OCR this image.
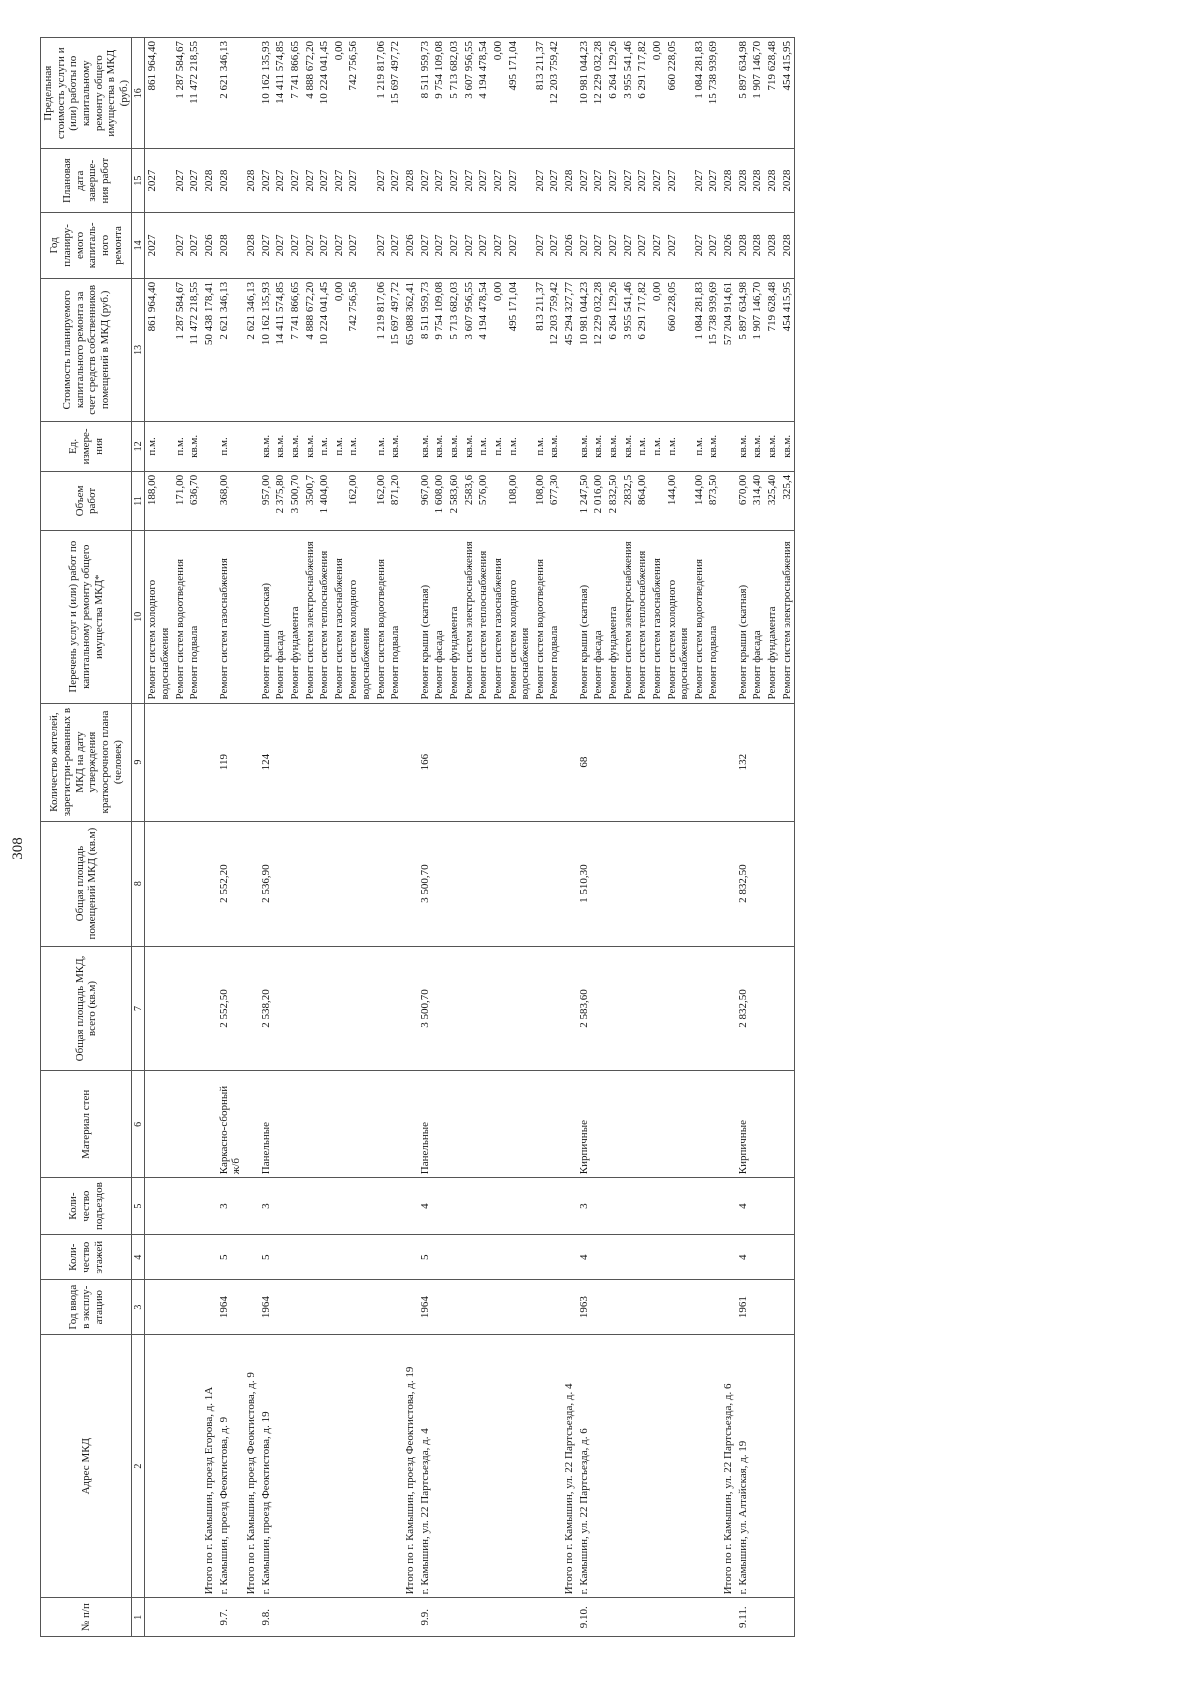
308
№ п/п	Адрес МКД	Год ввода в эксплу-атацию	Коли-чество этажей	Коли-чество подъездов	Материал стен	Общая площадь МКД, всего (кв.м)	Общая площадь помещений МКД (кв.м)	Количество жителей, зарегистри-рованных в МКД на дату утверждения краткосрочного плана (человек)	Перечень услуг и (или) работ по капитальному ремонту общего имущества МКД*	Объем работ	Ед. измере-ния	Стоимость планируемого капитального ремонта за счет средств собственников помещений в МКД (руб.)	Год планиру-емого капиталь-ного ремонта	Плановая дата заверше-ния работ	Предельная стоимость услуги и (или) работы по капитальному ремонту общего имущества в МКД (руб.)
1	2	3	4	5	6	7	8	9	10	11	12	13	14	15	16
									Ремонт систем холодного водоснабжения	188,00	п.м.	861 964,40	2027	2027	861 964,40
									Ремонт систем водоотведения	171,00	п.м.	1 287 584,67	2027	2027	1 287 584,67
									Ремонт подвала	636,70	кв.м.	11 472 218,55	2027	2027	11 472 218,55
	Итого по г. Камышин, проезд Егорова, д. 1А											50 438 178,41	2026	2028	
9.7.	г. Камышин, проезд Феоктистова, д. 9	1964	5	3	Каркасно-сборный ж/б	2 552,50	2 552,20	119	Ремонт систем газоснабжения	368,00	п.м.	2 621 346,13	2028	2028	2 621 346,13
	Итого по г. Камышин, проезд Феоктистова, д. 9											2 621 346,13	2028	2028	
9.8.	г. Камышин, проезд Феоктистова, д. 19	1964	5	3	Панельные	2 538,20	2 536,90	124	Ремонт крыши (плоская)	957,00	кв.м.	10 162 135,93	2027	2027	10 162 135,93
									Ремонт фасада	2 375,80	кв.м.	14 411 574,85	2027	2027	14 411 574,85
									Ремонт фундамента	3 500,70	кв.м.	7 741 866,65	2027	2027	7 741 866,65
									Ремонт систем электроснабжения	3500,7	кв.м.	4 888 672,20	2027	2027	4 888 672,20
									Ремонт систем теплоснабжения	1 404,00	п.м.	10 224 041,45	2027	2027	10 224 041,45
									Ремонт систем газоснабжения		п.м.	0,00	2027	2027	0,00
									Ремонт систем холодного водоснабжения	162,00	п.м.	742 756,56	2027	2027	742 756,56
									Ремонт систем водоотведения	162,00	п.м.	1 219 817,06	2027	2027	1 219 817,06
									Ремонт подвала	871,20	кв.м.	15 697 497,72	2027	2027	15 697 497,72
	Итого по г. Камышин, проезд Феоктистова, д. 19											65 088 362,41	2026	2028	
9.9.	г. Камышин, ул. 22 Партсъезда, д. 4	1964	5	4	Панельные	3 500,70	3 500,70	166	Ремонт крыши (скатная)	967,00	кв.м.	8 511 959,73	2027	2027	8 511 959,73
									Ремонт фасада	1 608,00	кв.м.	9 754 109,08	2027	2027	9 754 109,08
									Ремонт фундамента	2 583,60	кв.м.	5 713 682,03	2027	2027	5 713 682,03
									Ремонт систем электроснабжения	2583,6	кв.м.	3 607 956,55	2027	2027	3 607 956,55
									Ремонт систем теплоснабжения	576,00	п.м.	4 194 478,54	2027	2027	4 194 478,54
									Ремонт систем газоснабжения		п.м.	0,00	2027	2027	0,00
									Ремонт систем холодного водоснабжения	108,00	п.м.	495 171,04	2027	2027	495 171,04
									Ремонт систем водоотведения	108,00	п.м.	813 211,37	2027	2027	813 211,37
									Ремонт подвала	677,30	кв.м.	12 203 759,42	2027	2027	12 203 759,42
	Итого по г. Камышин, ул. 22 Партсъезда, д. 4											45 294 327,77	2026	2028	
9.10.	г. Камышин, ул. 22 Партсъезда, д. 6	1963	4	3	Кирпичные	2 583,60	1 510,30	68	Ремонт крыши (скатная)	1 247,50	кв.м.	10 981 044,23	2027	2027	10 981 044,23
									Ремонт фасада	2 016,00	кв.м.	12 229 032,28	2027	2027	12 229 032,28
									Ремонт фундамента	2 832,50	кв.м.	6 264 129,26	2027	2027	6 264 129,26
									Ремонт систем электроснабжения	2832,5	кв.м.	3 955 541,46	2027	2027	3 955 541,46
									Ремонт систем теплоснабжения	864,00	п.м.	6 291 717,82	2027	2027	6 291 717,82
									Ремонт систем газоснабжения		п.м.	0,00	2027	2027	0,00
									Ремонт систем холодного водоснабжения	144,00	п.м.	660 228,05	2027	2027	660 228,05
									Ремонт систем водоотведения	144,00	п.м.	1 084 281,83	2027	2027	1 084 281,83
									Ремонт подвала	873,50	кв.м.	15 738 939,69	2027	2027	15 738 939,69
	Итого по г. Камышин, ул. 22 Партсъезда, д. 6											57 204 914,61	2026	2028	
9.11.	г. Камышин, ул. Алтайская, д. 19	1961	4	4	Кирпичные	2 832,50	2 832,50	132	Ремонт крыши (скатная)	670,00	кв.м.	5 897 634,98	2028	2028	5 897 634,98
									Ремонт фасада	314,40	кв.м.	1 907 146,70	2028	2028	1 907 146,70
									Ремонт фундамента	325,40	кв.м.	719 628,48	2028	2028	719 628,48
									Ремонт систем электроснабжения	325,4	кв.м.	454 415,95	2028	2028	454 415,95
